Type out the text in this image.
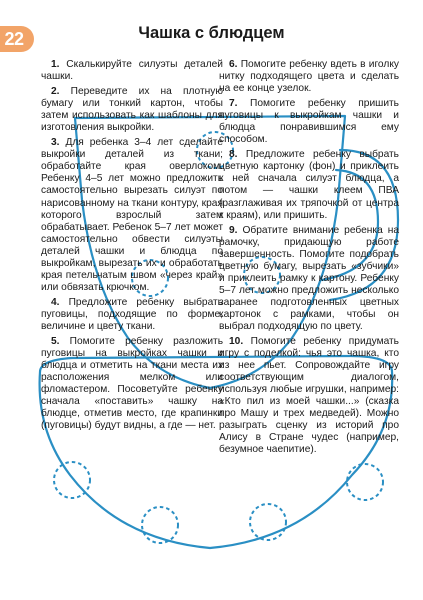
22	Чашка с блюдцем

1. Скалькируйте силуэты деталей чашки.

2. Переведите их на плотную бумагу или тонкий картон, чтобы затем использовать как шаблоны для изготовления выкройки.

3. Для ребенка 3–4 лет сделайте выкройки деталей из ткани; обработайте края оверлоком. Ребенку 4–5 лет можно предложить самостоятельно вырезать силуэт по нарисованному на ткани контуру, края которого взрослый затем обрабатывает. Ребенок 5–7 лет может самостоятельно обвести силуэты деталей чашки и блюдца по выкройкам, вырезать их и обработать края петельчатым швом «через край» или обвязать крючком.

4. Предложите ребенку выбрать пуговицы, подходящие по форме, величине и цвету ткани.

5. Помогите ребенку разложить пуговицы на выкройках чашки и блюдца и отметить на ткани места их расположения мелком или фломастером. Посоветуйте ребенку сначала «поставить» чашку на блюдце, отметив место, где крапинки (пуговицы) будут видны, а где — нет.

6. Помогите ребенку вдеть в иголку нитку подходящего цвета и сделать на ее конце узелок.

7. Помогите ребенку пришить пуговицы к выкройкам чашки и блюдца понравившимся ему способом.

8. Предложите ребенку выбрать цветную картонку (фон) и приклеить к ней сначала силуэт блюдца, а потом — чашки клеем ПВА (разглаживая их тряпочкой от центра к краям), или пришить.

9. Обратите внимание ребенка на рамочку, придающую работе завершенность. Помогите подобрать цветную бумагу, вырезать «зубчики» и приклеить рамку к картону. Ребенку 5–7 лет можно предложить несколько заранее подготовленных цветных картонок с рамками, чтобы он выбрал подходящую по цвету.

10. Помогите ребенку придумать игру с поделкой: чья это чашка, кто из нее пьет. Сопровождайте игру соответствующим диалогом, используя любые игрушки, например: «Кто пил из моей чашки...» (сказка про Машу и трех медведей). Можно разыграть сценку из историй про Алису в Стране чудес (например, безумное чаепитие).
